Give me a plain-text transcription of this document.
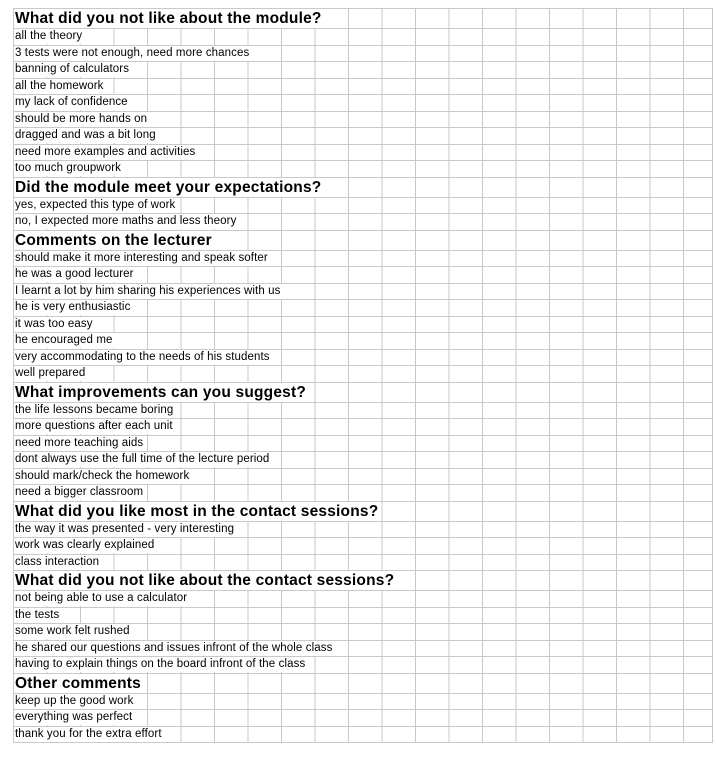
What did you not like about the module?
all the theory
3 tests were not enough, need more chances
banning of calculators
all the homework
my lack of confidence
should be more hands on
dragged and was a bit long
need more examples and activities
too much groupwork
Did the module meet your expectations?
yes, expected this type of work
no, I expected more maths and less theory
Comments on the lecturer
should make it more interesting and speak softer
he was a good lecturer
I learnt a lot by him sharing his experiences with us
he is very enthusiastic
it was too easy
he encouraged me
very accommodating to the needs of his students
well prepared
What improvements can you suggest?
the life lessons became boring
more questions after each unit
need more teaching aids
dont always use the full time of the lecture period
should mark/check the homework
need a bigger classroom
What did you like most in the contact sessions?
the way it was presented - very interesting
work was clearly explained
class interaction
What did you not like about the contact sessions?
not being able to use a calculator
the tests
some work felt rushed
he shared our questions and issues infront of the whole class
having to explain things on the board infront of the class
Other comments
keep up the good work
everything was perfect
thank you for the extra effort
